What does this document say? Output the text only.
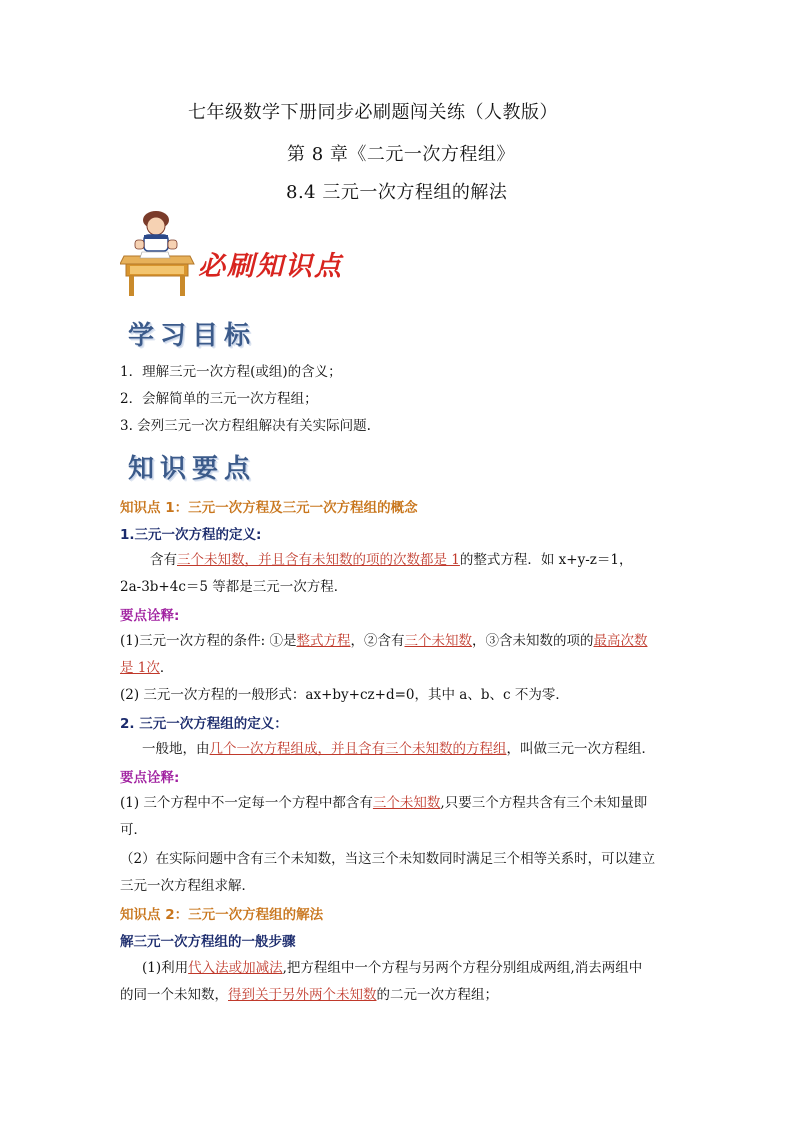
七年级数学下册同步必刷题闯关练（人教版）
第 8 章《二元一次方程组》
8.4 三元一次方程组的解法
必刷知识点
学习目标
1．理解三元一次方程(或组)的含义；
2．会解简单的三元一次方程组；
3. 会列三元一次方程组解决有关实际问题.
知识要点
知识点 1：三元一次方程及三元一次方程组的概念
1.三元一次方程的定义:
含有三个未知数，并且含有未知数的项的次数都是 1的整式方程．如 x+y-z＝1，
2a-3b+4c＝5 等都是三元一次方程．
要点诠释:
(1)三元一次方程的条件: ①是整式方程，②含有三个未知数，③含未知数的项的最高次数
是 1次．
(2) 三元一次方程的一般形式：ax+by+cz+d=0，其中 a、b、c 不为零．
2. 三元一次方程组的定义：
一般地，由几个一次方程组成，并且含有三个未知数的方程组，叫做三元一次方程组．
要点诠释:
(1) 三个方程中不一定每一个方程中都含有三个未知数,只要三个方程共含有三个未知量即
可．
（2）在实际问题中含有三个未知数，当这三个未知数同时满足三个相等关系时，可以建立
三元一次方程组求解．
知识点 2：三元一次方程组的解法
解三元一次方程组的一般步骤
(1)利用代入法或加减法,把方程组中一个方程与另两个方程分别组成两组,消去两组中
的同一个未知数，得到关于另外两个未知数的二元一次方程组；
